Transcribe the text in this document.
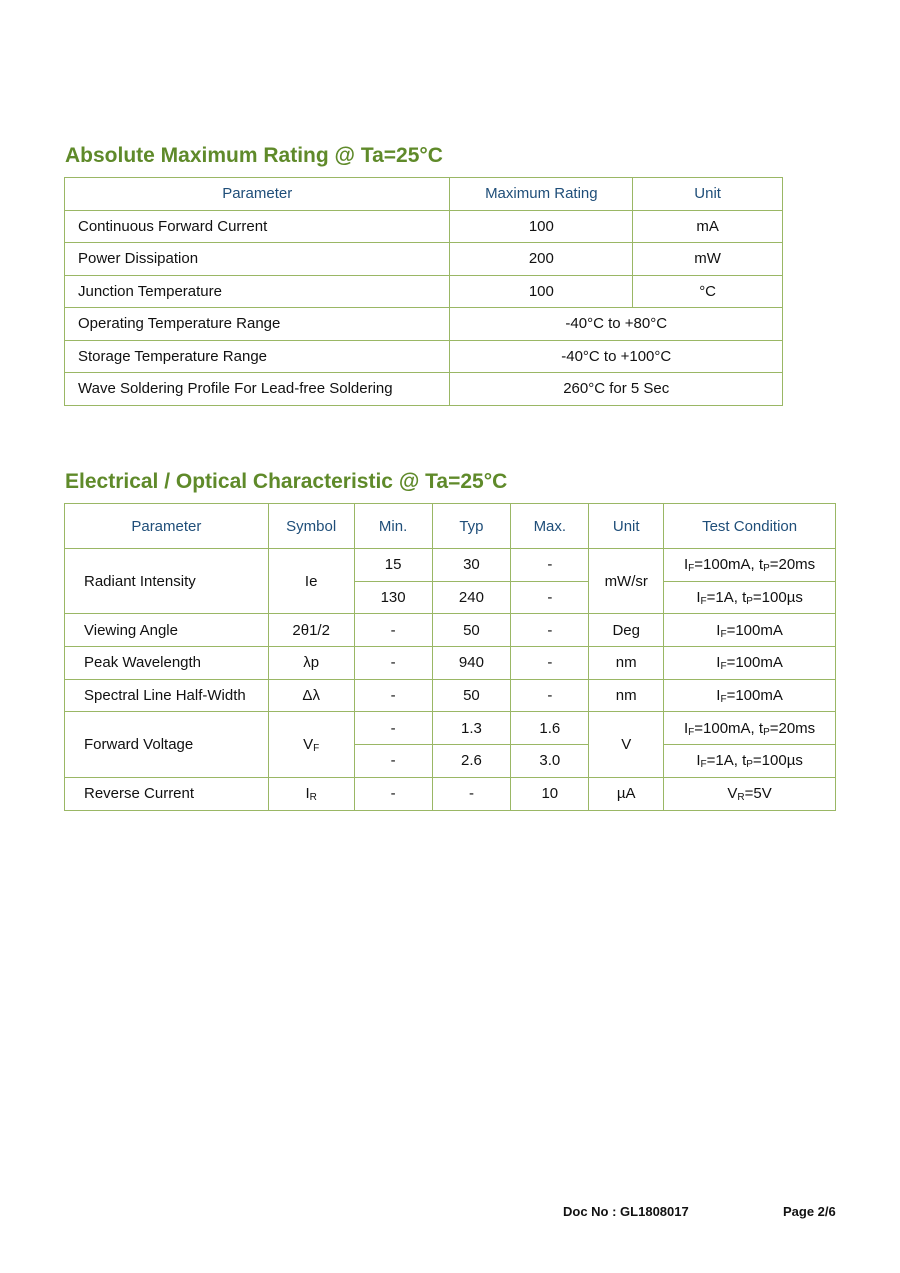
Absolute Maximum Rating @ Ta=25°C
Parameter	Maximum Rating	Unit
Continuous Forward Current	100	mA
Power Dissipation	200	mW
Junction Temperature	100	°C
Operating Temperature Range	-40°C to +80°C	
Storage Temperature Range	-40°C to +100°C	
Wave Soldering Profile For Lead-free Soldering	260°C for 5 Sec	
Electrical / Optical Characteristic @ Ta=25°C
Parameter	Symbol	Min.	Typ	Max.	Unit	Test Condition
Radiant Intensity	Ie	15	30	-	mW/sr	$I_F=100mA$, $t_P=20ms$
		130	240	-		$I_F=1A$, $t_P=100\mu s$
Viewing Angle	2θ1/2	-	50	-	Deg	$I_F=100mA$
Peak Wavelength	λp	-	940	-	nm	$I_F=100mA$
Spectral Line Half-Width	Δλ	-	50	-	nm	$I_F=100mA$
Forward Voltage	$V_F$	-	1.3	1.6	V	$I_F=100mA$, $t_P=20ms$
		-	2.6	3.0		$I_F=1A$, $t_P=100\mu s$
Reverse Current	$I_R$	-	-	10	µA	$V_R=5V$
Doc No : GL1808017	Page 2/6
